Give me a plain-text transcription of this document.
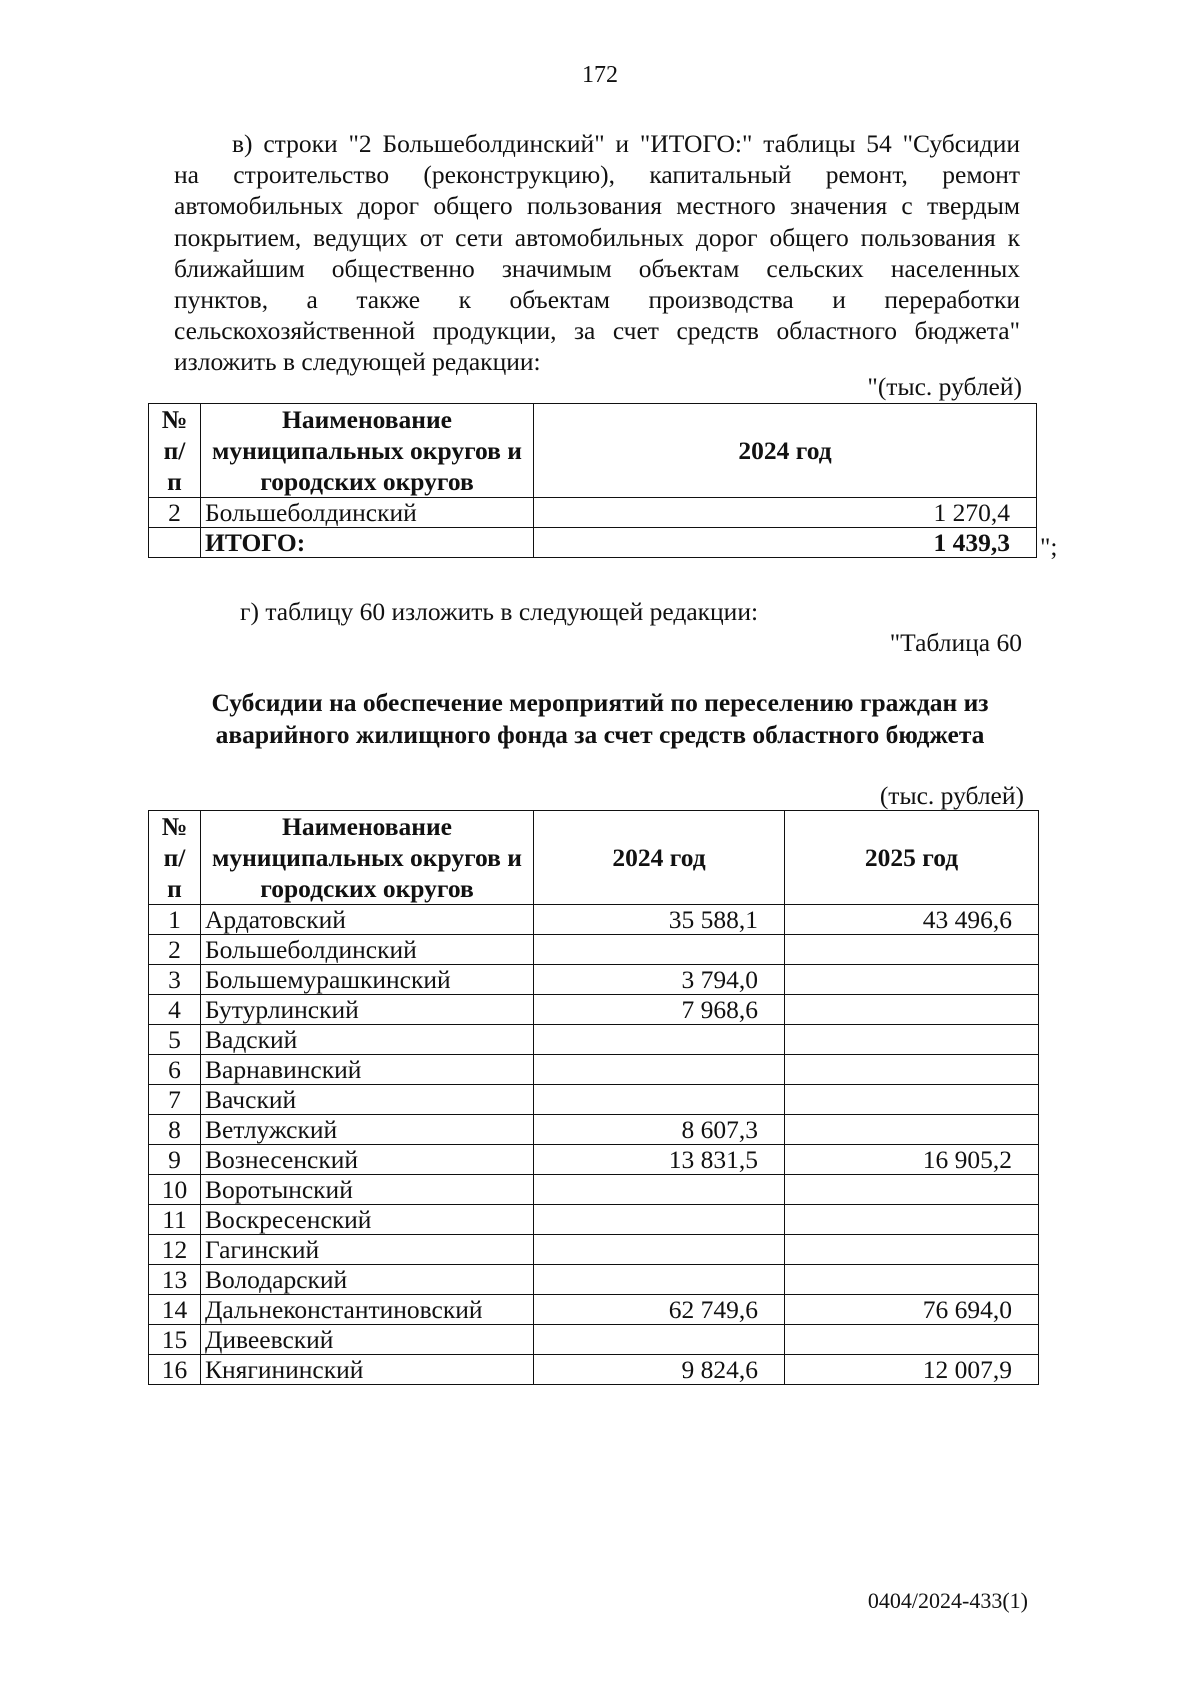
172
в) строки "2 Большеболдинский" и "ИТОГО:" таблицы 54 "Субсидии
на строительство (реконструкцию), капитальный ремонт, ремонт
автомобильных дорог общего пользования местного значения с твердым
покрытием, ведущих от сети автомобильных дорог общего пользования к
ближайшим общественно значимым объектам сельских населенных
пунктов, а также к объектам производства и переработки
сельскохозяйственной продукции, за счет средств областного бюджета"
изложить в следующей редакции:
"(тыс. рублей)
№ п/п	Наименование муниципальных округов и городских округов	2024 год
2	Большеболдинский	1 270,4
	ИТОГО:	1 439,3 ";
г) таблицу 60 изложить в следующей редакции:
"Таблица 60
Субсидии на обеспечение мероприятий по переселению граждан из
аварийного жилищного фонда за счет средств областного бюджета
(тыс. рублей)
№ п/п	Наименование муниципальных округов и городских округов	2024 год	2025 год
1	Ардатовский	35 588,1	43 496,6
2	Большеболдинский		
3	Большемурашкинский	3 794,0	
4	Бутурлинский	7 968,6	
5	Вадский		
6	Варнавинский		
7	Вачский		
8	Ветлужский	8 607,3	
9	Вознесенский	13 831,5	16 905,2
10	Воротынский		
11	Воскресенский		
12	Гагинский		
13	Володарский		
14	Дальнеконстантиновский	62 749,6	76 694,0
15	Дивеевский		
16	Княгининский	9 824,6	12 007,9
0404/2024-433(1)
